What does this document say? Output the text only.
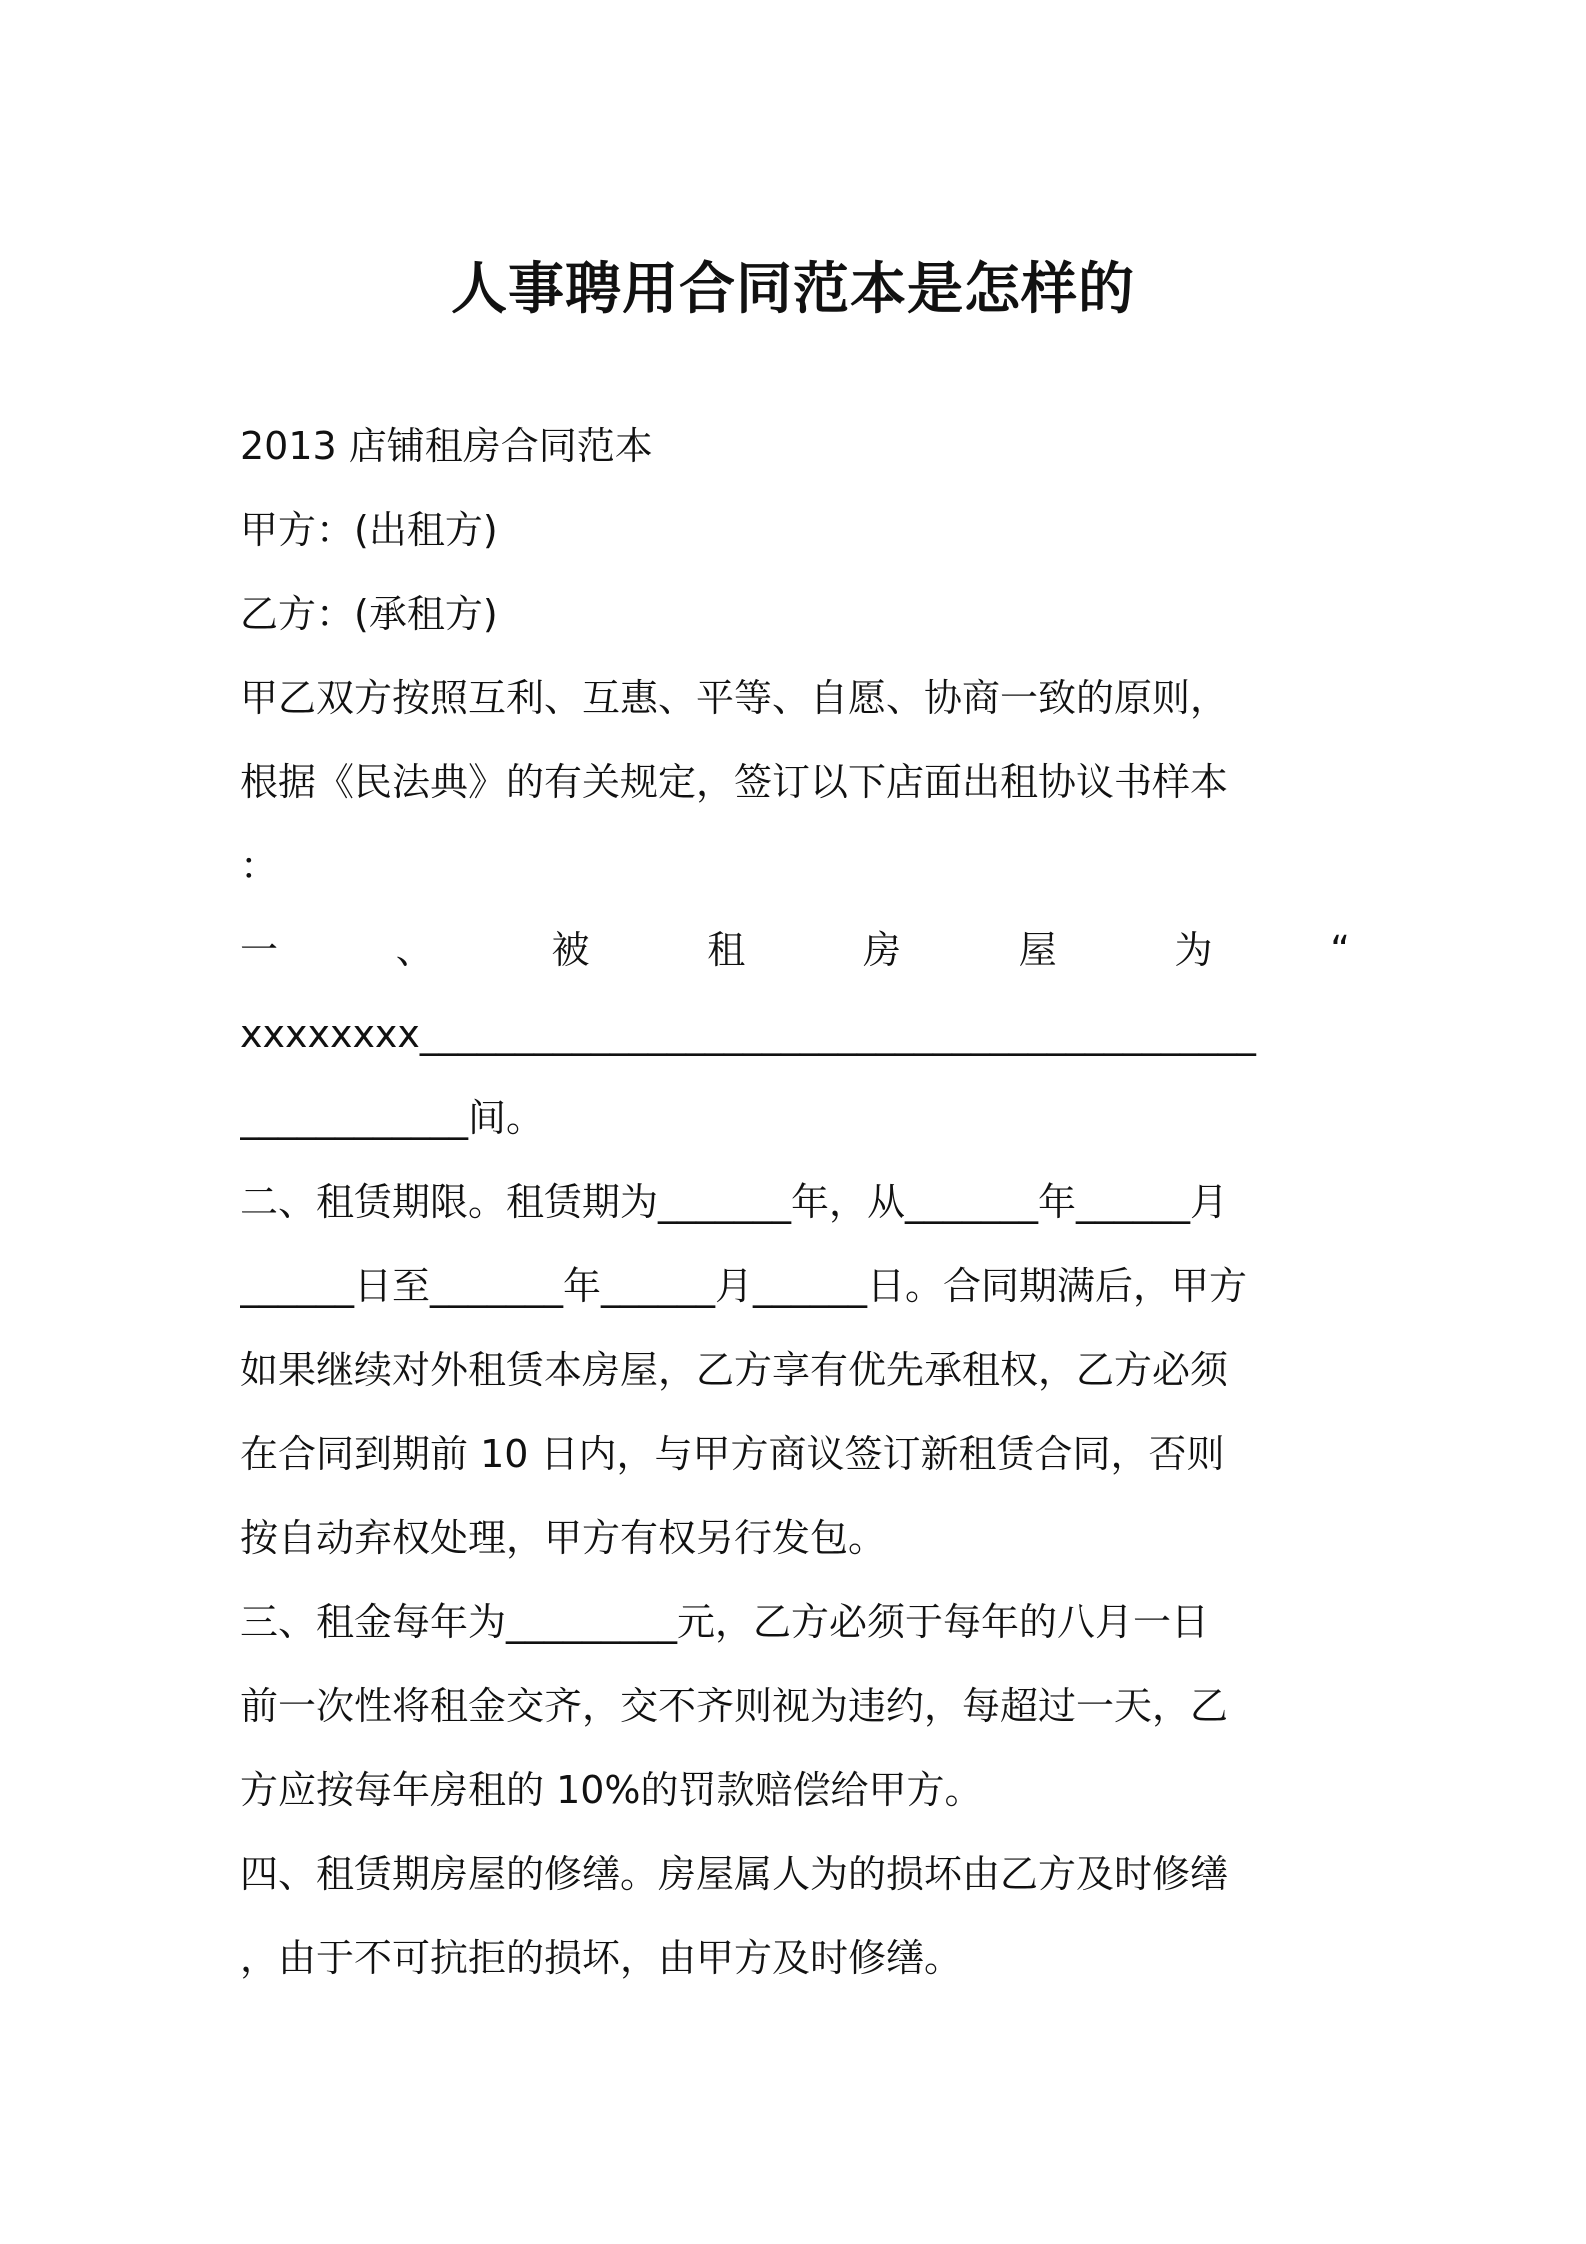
人事聘用合同范本是怎样的
2013 店铺租房合同范本
甲方：(出租方)
乙方：(承租方)
甲乙双方按照互利、互惠、平等、自愿、协商一致的原则，
根据《民法典》的有关规定，签订以下店面出租协议书样本
：
一	、	被	租	房	屋	为	“
xxxxxxxx____________________________________________
____________间。
二、租赁期限。租赁期为_______年，从_______年______月
______日至_______年______月______日。合同期满后，甲方
如果继续对外租赁本房屋，乙方享有优先承租权，乙方必须
在合同到期前 10 日内，与甲方商议签订新租赁合同，否则
按自动弃权处理，甲方有权另行发包。
三、租金每年为_________元，乙方必须于每年的八月一日
前一次性将租金交齐，交不齐则视为违约，每超过一天，乙
方应按每年房租的 10%的罚款赔偿给甲方。
四、租赁期房屋的修缮。房屋属人为的损坏由乙方及时修缮
，由于不可抗拒的损坏，由甲方及时修缮。
